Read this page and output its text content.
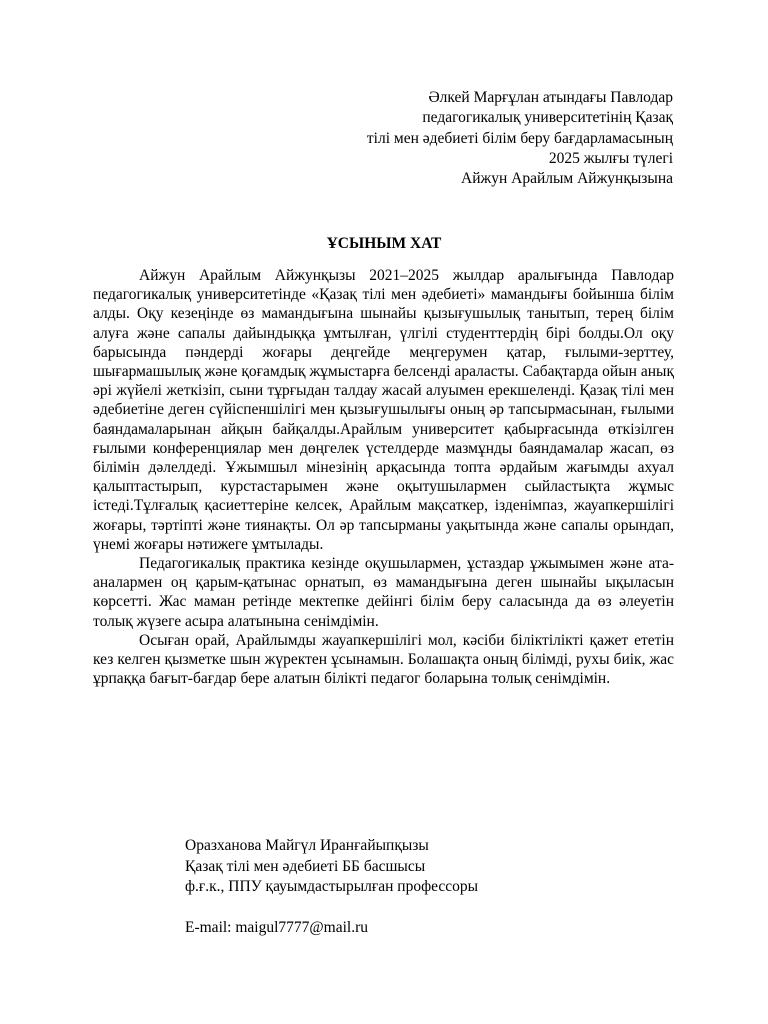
Әлкей Марғұлан атындағы Павлодар
педагогикалық университетінің Қазақ
тілі мен әдебиеті білім беру бағдарламасының
2025 жылғы түлегі
Айжун Арайлым Айжунқызына
ҰСЫНЫМ ХАТ

Айжун Арайлым Айжунқызы 2021–2025 жылдар аралығында Павлодар педагогикалық университетінде «Қазақ тілі мен әдебиеті» мамандығы бойынша білім алды. Оқу кезеңінде өз мамандығына шынайы қызығушылық танытып, терең білім алуға және сапалы дайындыққа ұмтылған, үлгілі студенттердің бірі болды.Ол оқу барысында пәндерді жоғары деңгейде меңгерумен қатар, ғылыми-зерттеу, шығармашылық және қоғамдық жұмыстарға белсенді араласты. Сабақтарда ойын анық әрі жүйелі жеткізіп, сыни тұрғыдан талдау жасай алуымен ерекшеленді. Қазақ тілі мен әдебиетіне деген сүйіспеншілігі мен қызығушылығы оның әр тапсырмасынан, ғылыми баяндамаларынан айқын байқалды.Арайлым университет қабырғасында өткізілген ғылыми конференциялар мен дөңгелек үстелдерде мазмұнды баяндамалар жасап, өз білімін дәлелдеді. Ұжымшыл мінезінің арқасында топта әрдайым жағымды ахуал қалыптастырып, курстастарымен және оқытушылармен сыйластықта жұмыс істеді.Тұлғалық қасиеттеріне келсек, Арайлым мақсаткер, ізденімпаз, жауапкершілігі жоғары, тәртіпті және тиянақты. Ол әр тапсырманы уақытында және сапалы орындап, үнемі жоғары нәтижеге ұмтылады.

Педагогикалық практика кезінде оқушылармен, ұстаздар ұжымымен және ата-аналармен оң қарым-қатынас орнатып, өз мамандығына деген шынайы ықыласын көрсетті. Жас маман ретінде мектепке дейінгі білім беру саласында да өз әлеуетін толық жүзеге асыра алатынына сенімдімін.

Осыған орай, Арайлымды жауапкершілігі мол, кәсіби біліктілікті қажет ететін кез келген қызметке шын жүректен ұсынамын. Болашақта оның білімді, рухы биік, жас ұрпаққа бағыт-бағдар бере алатын білікті педагог боларына толық сенімдімін.

Оразханова Майгүл Иранғайыпқызы
Қазақ тілі мен әдебиеті ББ басшысы
ф.ғ.к., ППУ қауымдастырылған профессоры
E-mail: maigul7777@mail.ru
